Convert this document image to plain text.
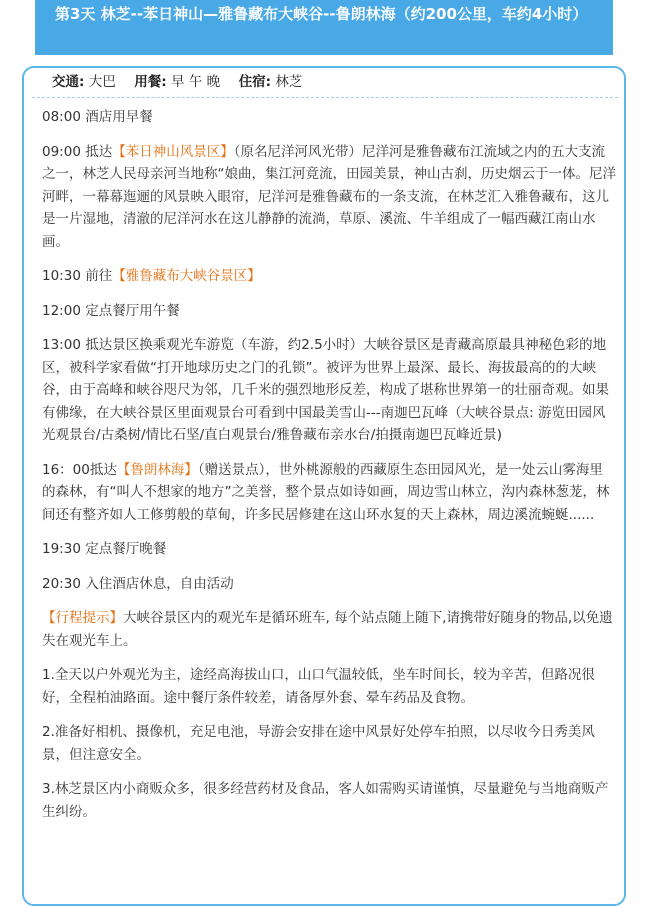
第3天 林芝--苯日神山—雅鲁藏布大峡谷--鲁朗林海（约200公里，车约4小时）
交通: 大巴 用餐: 早 午 晚 住宿: 林芝

08:00 酒店用早餐

09:00 抵达【苯日神山风景区】（原名尼洋河风光带）尼洋河是雅鲁藏布江流域之内的五大支流之一，林芝人民母亲河当地称“娘曲，集江河竟流，田园美景，神山古刹，历史烟云于一体。尼洋河畔，一幕幕迤逦的风景映入眼帘，尼洋河是雅鲁藏布的一条支流，在林芝汇入雅鲁藏布，这儿是一片湿地，清澈的尼洋河水在这儿静静的流淌，草原、溪流、牛羊组成了一幅西藏江南山水画。

10:30 前往【雅鲁藏布大峡谷景区】

12:00 定点餐厅用午餐

13:00 抵达景区换乘观光车游览（车游，约2.5小时）大峡谷景区是青藏高原最具神秘色彩的地区，被科学家看做“打开地球历史之门的孔锁”。被评为世界上最深、最长、海拔最高的的大峡谷，由于高峰和峡谷咫尺为邻，几千米的强烈地形反差，构成了堪称世界第一的壮丽奇观。如果有佛缘，在大峡谷景区里面观景台可看到中国最美雪山---南迦巴瓦峰（大峡谷景点: 游览田园风光观景台/古桑树/情比石坚/直白观景台/雅鲁藏布亲水台/拍摄南迦巴瓦峰近景)

16：00抵达【鲁朗林海】（赠送景点），世外桃源般的西藏原生态田园风光，是一处云山雾海里的森林，有“叫人不想家的地方”之美誉，整个景点如诗如画，周边雪山林立，沟内森林葱茏，林间还有整齐如人工修剪般的草甸，许多民居修建在这山环水复的天上森林，周边溪流蜿蜒......

19:30 定点餐厅晚餐

20:30 入住酒店休息，自由活动

【行程提示】大峡谷景区内的观光车是循环班车, 每个站点随上随下,请携带好随身的物品,以免遗失在观光车上。

1.全天以户外观光为主，途经高海拔山口，山口气温较低，坐车时间长，较为辛苦，但路况很好，全程柏油路面。途中餐厅条件较差，请备厚外套、晕车药品及食物。

2.准备好相机、摄像机，充足电池，导游会安排在途中风景好处停车拍照，以尽收今日秀美风景，但注意安全。

3.林芝景区内小商贩众多，很多经营药材及食品，客人如需购买请谨慎，尽量避免与当地商贩产生纠纷。
